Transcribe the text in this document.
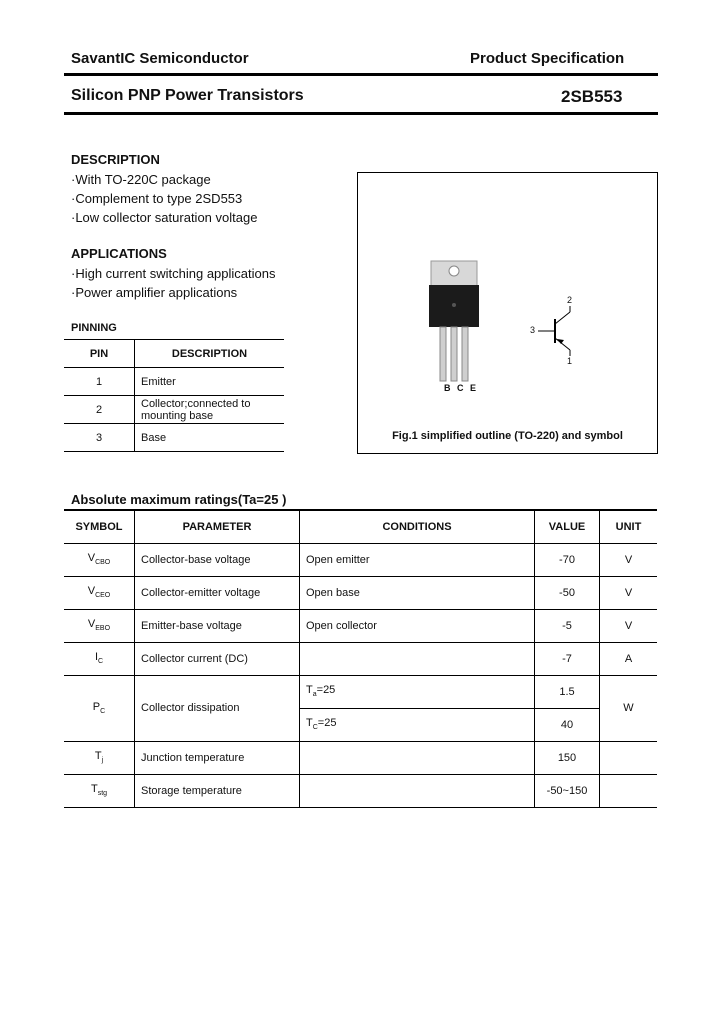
SavantIC Semiconductor	Product Specification
Silicon PNP Power Transistors	2SB553
DESCRIPTION
·With TO-220C package
·Complement to type 2SD553
·Low collector saturation voltage
APPLICATIONS
·High current switching applications
·Power amplifier applications
PINNING
PIN	DESCRIPTION
1	Emitter
2	Collector;connected to mounting base
3	Base
B C E
2
3
1
Fig.1 simplified outline (TO-220) and symbol
Absolute maximum ratings(Ta=25 )
SYMBOL	PARAMETER	CONDITIONS	VALUE	UNIT
$V_{CBO}$	Collector-base voltage	Open emitter	-70	V
$V_{CEO}$	Collector-emitter voltage	Open base	-50	V
$V_{EBO}$	Emitter-base voltage	Open collector	-5	V
$I_C$	Collector current (DC)		-7	A
$P_C$	Collector dissipation	$T_a=25$	1.5	W
		$T_C=25$	40	
$T_j$	Junction temperature		150	
$T_{stg}$	Storage temperature		-50~150	
